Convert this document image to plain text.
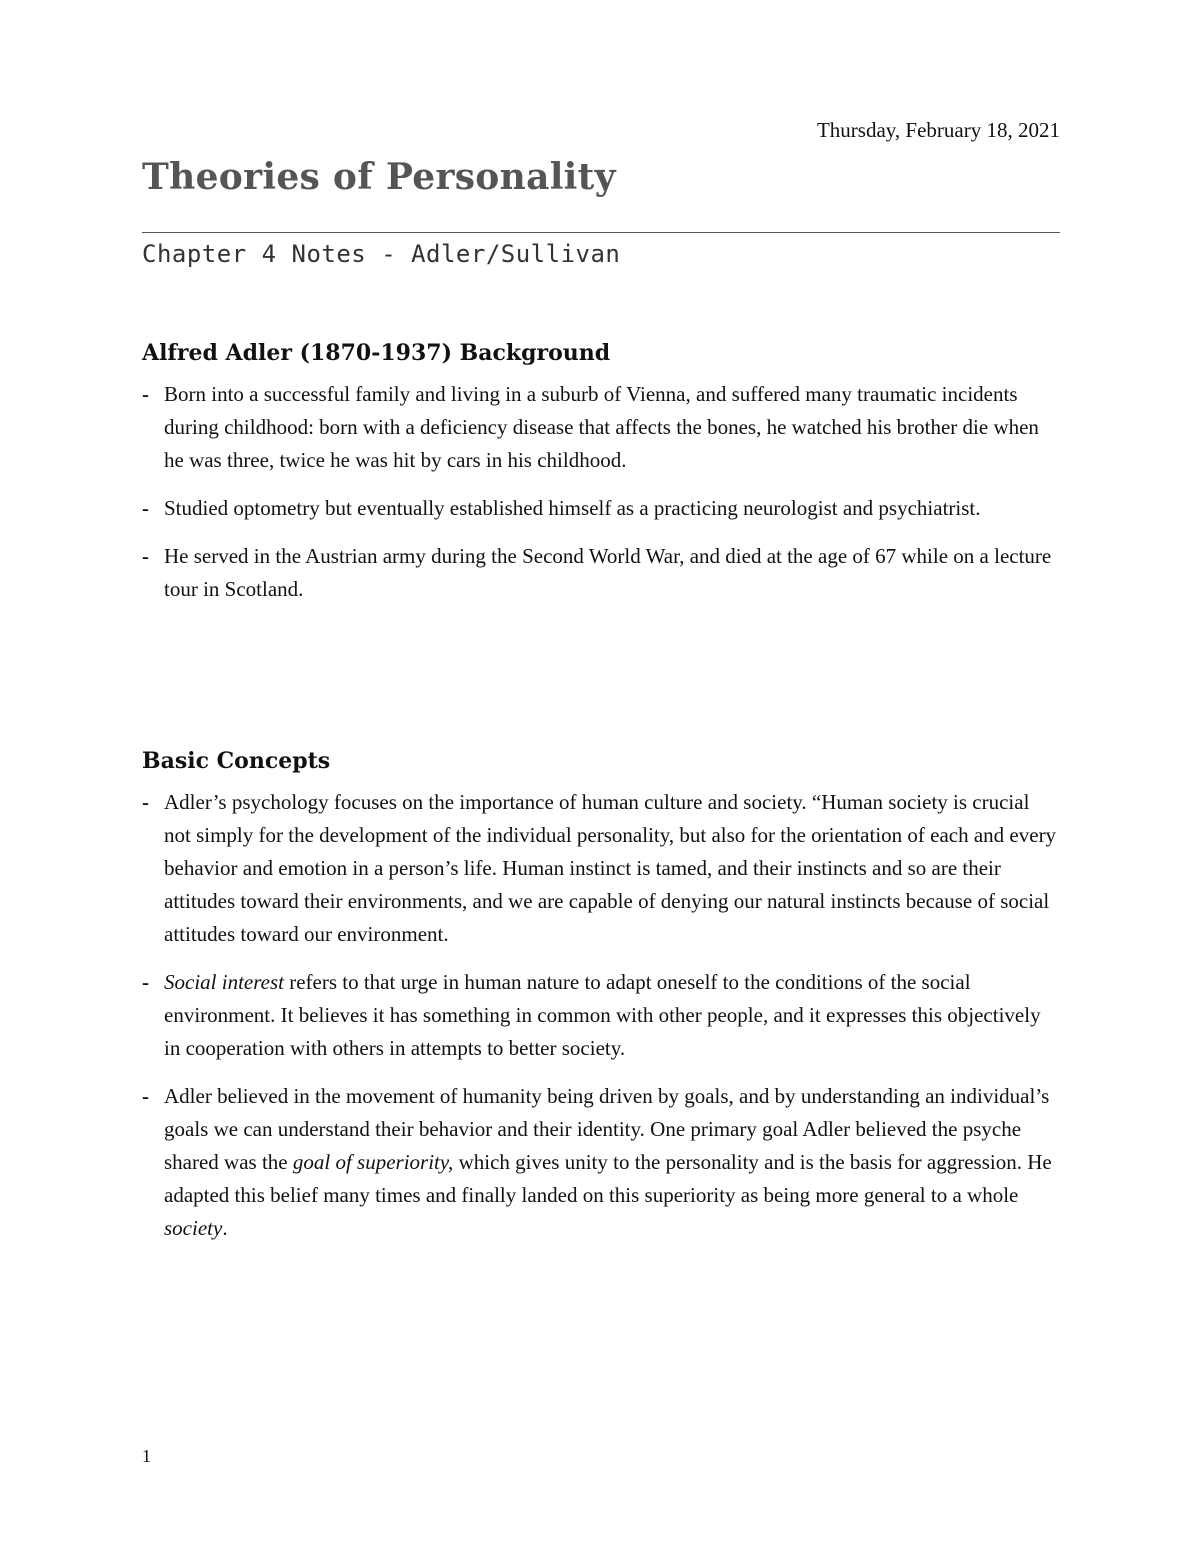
Thursday, February 18, 2021
Theories of Personality
Chapter 4 Notes - Adler/Sullivan
Alfred Adler (1870-1937) Background
- Born into a successful family and living in a suburb of Vienna, and suffered many traumatic incidents during childhood: born with a deficiency disease that affects the bones, he watched his brother die when he was three, twice he was hit by cars in his childhood.
- Studied optometry but eventually established himself as a practicing neurologist and psychiatrist.
- He served in the Austrian army during the Second World War, and died at the age of 67 while on a lecture tour in Scotland.
Basic Concepts
- Adler’s psychology focuses on the importance of human culture and society. “Human society is crucial not simply for the development of the individual personality, but also for the orientation of each and every behavior and emotion in a person’s life. Human instinct is tamed, and their instincts and so are their attitudes toward their environments, and we are capable of denying our natural instincts because of social attitudes toward our environment.
- Social interest refers to that urge in human nature to adapt oneself to the conditions of the social environment. It believes it has something in common with other people, and it expresses this objectively in cooperation with others in attempts to better society.
- Adler believed in the movement of humanity being driven by goals, and by understanding an individual’s goals we can understand their behavior and their identity. One primary goal Adler believed the psyche shared was the goal of superiority, which gives unity to the personality and is the basis for aggression. He adapted this belief many times and finally landed on this superiority as being more general to a whole society.
1
